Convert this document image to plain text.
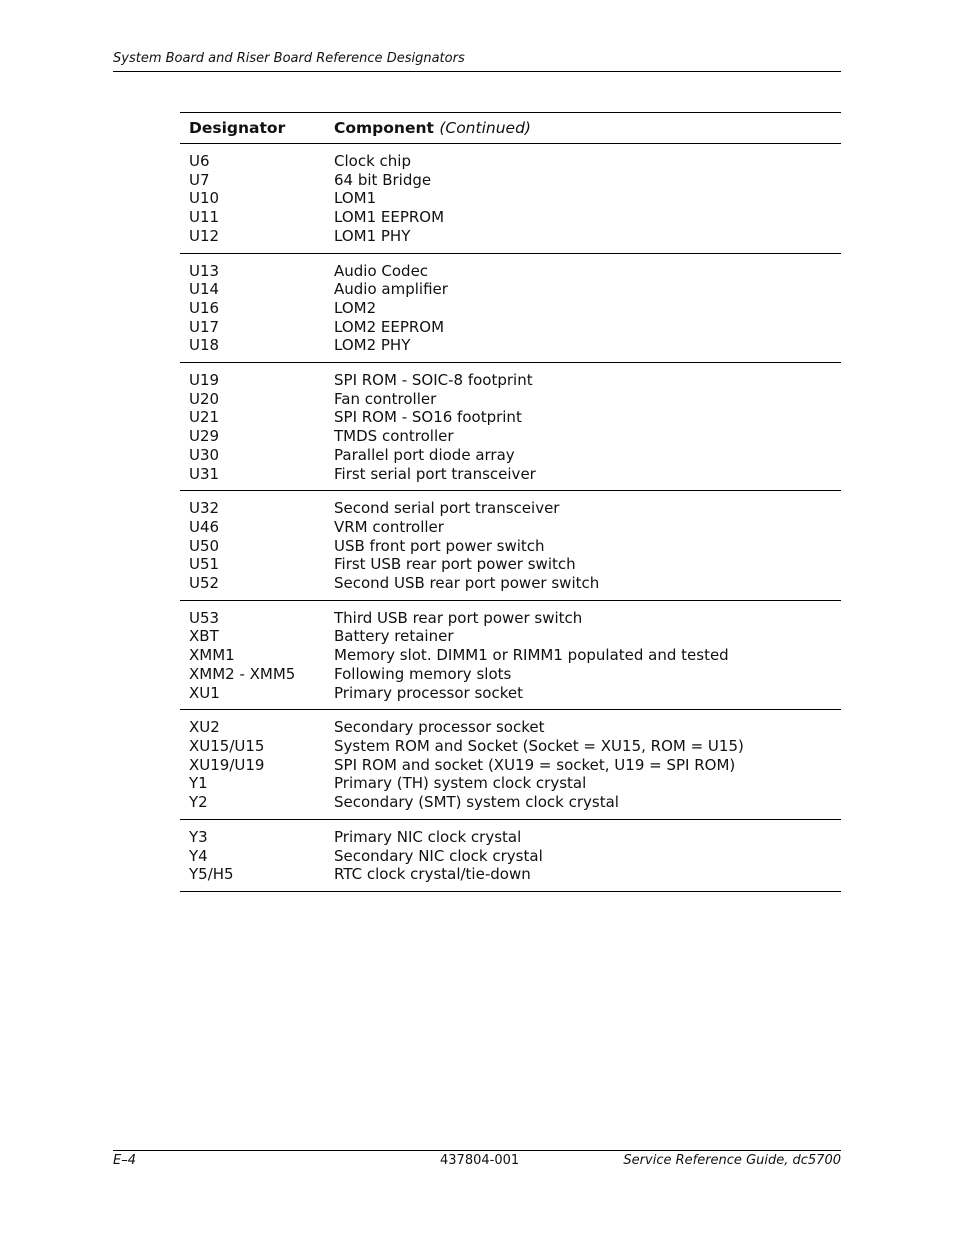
System Board and Riser Board Reference Designators
Designator	Component (Continued)
U6	Clock chip
U7	64 bit Bridge
U10	LOM1
U11	LOM1 EEPROM
U12	LOM1 PHY
U13	Audio Codec
U14	Audio amplifier
U16	LOM2
U17	LOM2 EEPROM
U18	LOM2 PHY
U19	SPI ROM - SOIC-8 footprint
U20	Fan controller
U21	SPI ROM - SO16 footprint
U29	TMDS controller
U30	Parallel port diode array
U31	First serial port transceiver
U32	Second serial port transceiver
U46	VRM controller
U50	USB front port power switch
U51	First USB rear port power switch
U52	Second USB rear port power switch
U53	Third USB rear port power switch
XBT	Battery retainer
XMM1	Memory slot. DIMM1 or RIMM1 populated and tested
XMM2 - XMM5	Following memory slots
XU1	Primary processor socket
XU2	Secondary processor socket
XU15/U15	System ROM and Socket (Socket = XU15, ROM = U15)
XU19/U19	SPI ROM and socket (XU19 = socket, U19 = SPI ROM)
Y1	Primary (TH) system clock crystal
Y2	Secondary (SMT) system clock crystal
Y3	Primary NIC clock crystal
Y4	Secondary NIC clock crystal
Y5/H5	RTC clock crystal/tie-down
E–4	437804-001	Service Reference Guide, dc5700
